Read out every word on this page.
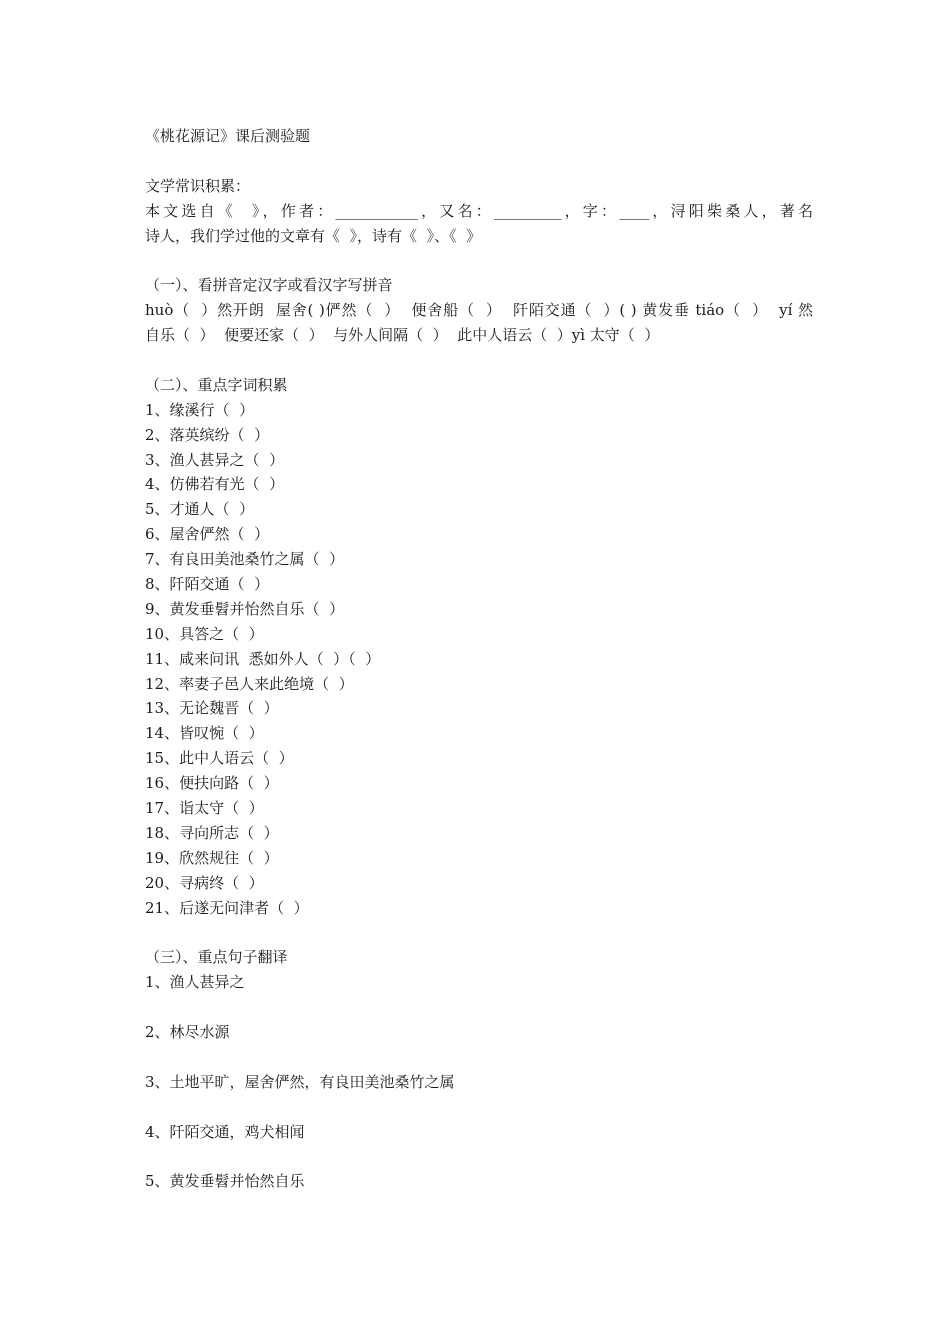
《桃花源记》课后测验题
文学常识积累：
本文选自《  》，作者：___________，又名：_________，字：____，浔阳柴桑人，著名
诗人，我们学过他的文章有《  》，诗有《  》、《  》
（一）、看拼音定汉字或看汉字写拼音
huò（  ）然开朗  屋舍( )俨然（  ）  便舍船（  ）  阡陌交通（  ）( ) 黄发垂 tiáo（  ）  yí 然
自乐（  ）  便要还家（  ）  与外人间隔（  ）  此中人语云（  ）yì 太守（  ）
（二）、重点字词积累
1、缘溪行（  ）
2、落英缤纷（  ）
3、渔人甚异之（  ）
4、仿佛若有光（  ）
5、才通人（  ）
6、屋舍俨然（  ）
7、有良田美池桑竹之属（  ）
8、阡陌交通（  ）
9、黄发垂髫并怡然自乐（  ）
10、具答之（  ）
11、咸来问讯  悉如外人（  ）（  ）
12、率妻子邑人来此绝境（  ）
13、无论魏晋（  ）
14、皆叹惋（  ）
15、此中人语云（  ）
16、便扶向路（  ）
17、诣太守（  ）
18、寻向所志（  ）
19、欣然规往（  ）
20、寻病终（  ）
21、后遂无问津者（  ）
（三）、重点句子翻译
1、渔人甚异之
2、林尽水源
3、土地平旷，屋舍俨然，有良田美池桑竹之属
4、阡陌交通，鸡犬相闻
5、黄发垂髫并怡然自乐
